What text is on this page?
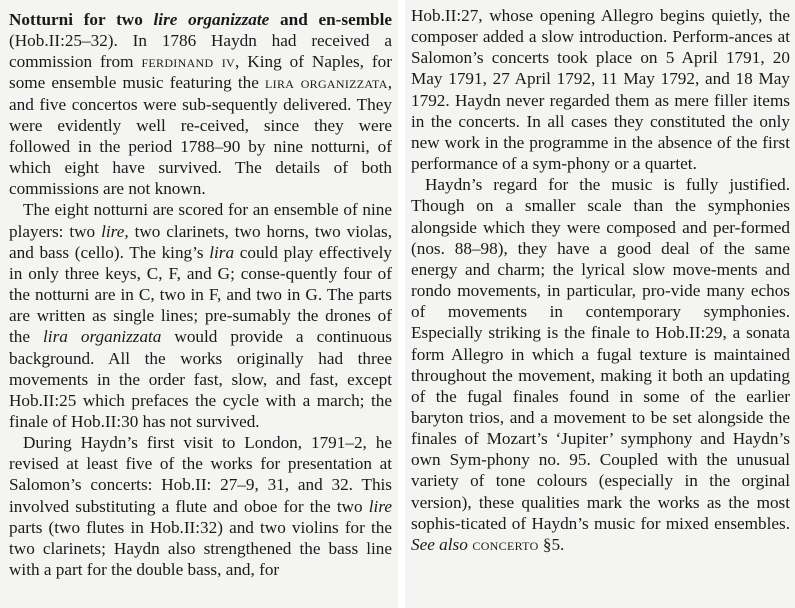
Notturni for two lire organizzate and en-semble (Hob.II:25–32). In 1786 Haydn had received a commission from ferdinand iv, King of Naples, for some ensemble music featuring the lira organizzata, and five concertos were sub-sequently delivered. They were evidently well re-ceived, since they were followed in the period 1788–90 by nine notturni, of which eight have survived. The details of both commissions are not known.

The eight notturni are scored for an ensemble of nine players: two lire, two clarinets, two horns, two violas, and bass (cello). The king’s lira could play effectively in only three keys, C, F, and G; conse-quently four of the notturni are in C, two in F, and two in G. The parts are written as single lines; pre-sumably the drones of the lira organizzata would provide a continuous background. All the works originally had three movements in the order fast, slow, and fast, except Hob.II:25 which prefaces the cycle with a march; the finale of Hob.II:30 has not survived.

During Haydn’s first visit to London, 1791–2, he revised at least five of the works for presentation at Salomon’s concerts: Hob.II: 27–9, 31, and 32. This involved substituting a flute and oboe for the two lire parts (two flutes in Hob.II:32) and two violins for the two clarinets; Haydn also strengthened the bass line with a part for the double bass, and, for

Hob.II:27, whose opening Allegro begins quietly, the composer added a slow introduction. Perform-ances at Salomon’s concerts took place on 5 April 1791, 20 May 1791, 27 April 1792, 11 May 1792, and 18 May 1792. Haydn never regarded them as mere filler items in the concerts. In all cases they constituted the only new work in the programme in the absence of the first performance of a sym-phony or a quartet.

Haydn’s regard for the music is fully justified. Though on a smaller scale than the symphonies alongside which they were composed and per-formed (nos. 88–98), they have a good deal of the same energy and charm; the lyrical slow move-ments and rondo movements, in particular, pro-vide many echos of movements in contemporary symphonies. Especially striking is the finale to Hob.II:29, a sonata form Allegro in which a fugal texture is maintained throughout the movement, making it both an updating of the fugal finales found in some of the earlier baryton trios, and a movement to be set alongside the finales of Mozart’s ‘Jupiter’ symphony and Haydn’s own Sym-phony no. 95. Coupled with the unusual variety of tone colours (especially in the orginal version), these qualities mark the works as the most sophis-ticated of Haydn’s music for mixed ensembles. See also concerto §5.
